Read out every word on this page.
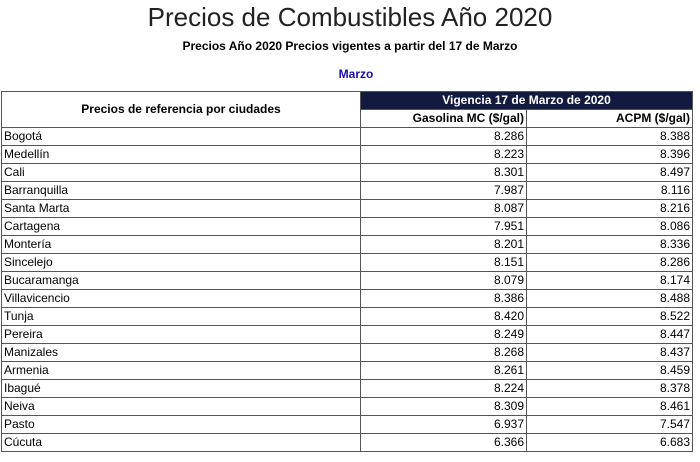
Precios de Combustibles Año 2020
Precios Año 2020 Precios vigentes a partir del 17 de Marzo
Marzo
Precios de referencia por ciudades	Vigencia 17 de Marzo de 2020	
	Gasolina MC ($/gal)	ACPM ($/gal)
Bogotá	8.286	8.388
Medellín	8.223	8.396
Cali	8.301	8.497
Barranquilla	7.987	8.116
Santa Marta	8.087	8.216
Cartagena	7.951	8.086
Montería	8.201	8.336
Sincelejo	8.151	8.286
Bucaramanga	8.079	8.174
Villavicencio	8.386	8.488
Tunja	8.420	8.522
Pereira	8.249	8.447
Manizales	8.268	8.437
Armenia	8.261	8.459
Ibagué	8.224	8.378
Neiva	8.309	8.461
Pasto	6.937	7.547
Cúcuta	6.366	6.683
